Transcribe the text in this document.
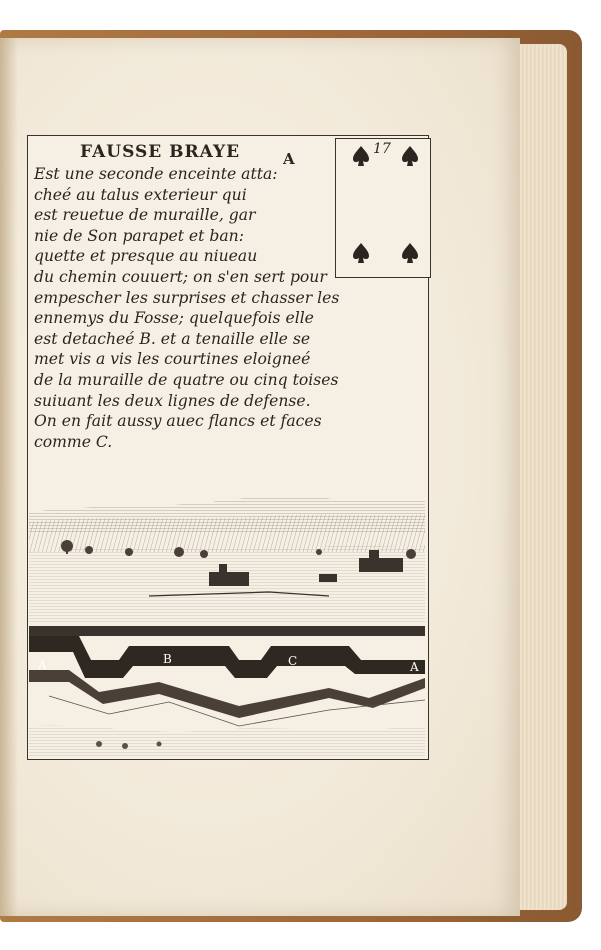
17
FAUSSE BRAYE	A
Est une seconde enceinte atta:
cheé au talus exterieur qui
est reuetue de muraille, gar
nie de Son parapet et ban:
quette et presque au niueau
du chemin couuert; on s'en sert pour
empescher les surprises et chasser les
ennemys du Fosse; quelquefois elle
est detacheé B. et a tenaille elle se
met vis a vis les courtines eloigneé
de la muraille de quatre ou cinq toises
suiuant les deux lignes de defense.
On en fait aussy auec flancs et faces
comme C.
A	B	C	A
